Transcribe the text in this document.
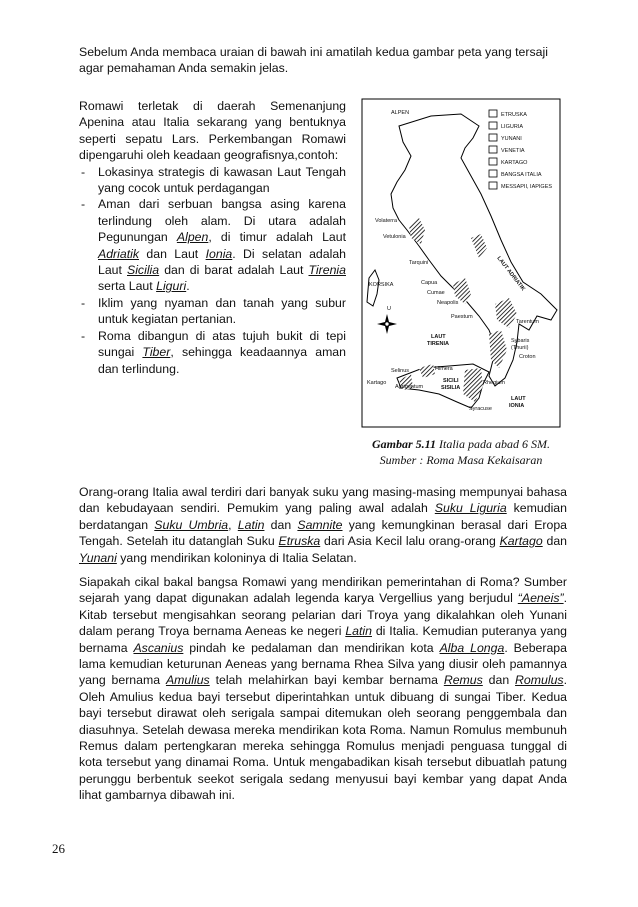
Sebelum Anda membaca uraian di bawah ini amatilah kedua gambar peta yang tersaji agar pemahaman Anda semakin jelas.

Romawi terletak di daerah Semenanjung Apenina atau Italia sekarang yang bentuknya seperti sepatu Lars. Perkembangan Romawi dipengaruhi oleh keadaan geografisnya,contoh:
- Lokasinya strategis di kawasan Laut Tengah yang cocok untuk perdagangan
- Aman dari serbuan bangsa asing karena terlindung oleh alam. Di utara adalah Pegunungan Alpen, di timur adalah Laut Adriatik dan Laut Ionia. Di selatan adalah Laut Sicilia dan di barat adalah Laut Tirenia serta Laut Liguri.
- Iklim yang nyaman dan tanah yang subur untuk kegiatan pertanian.
- Roma dibangun di atas tujuh bukit di tepi sungai Tiber, sehingga keadaannya aman dan terlindung.
ETRUSKA
LIGURIA
YUNANI
VENETIA
KARTAGO
BANGSA ITALIA
MESSAPII, IAPIGES
ALPEN
Volaterra
Vetulonia
Tarquini
KORSIKA
U
Capua
Cumae
Neapolis
Paestum
Tarentum
LAUT
TIRENIA	Sybaris
(Thurii)
Croton
Selinus	Himera
Kartago
Agrigentum
SICILI
SISILIA
Rhegium
Syracuse
LAUT
IONIA
LAUT ADRIATIK
Gambar 5.11 Italia pada abad 6 SM.
Sumber : Roma Masa Kekaisaran

Orang-orang Italia awal terdiri dari banyak suku yang masing-masing mempunyai bahasa dan kebudayaan sendiri. Pemukim yang paling awal adalah Suku Liguria kemudian berdatangan Suku Umbria, Latin dan Samnite yang kemungkinan berasal dari Eropa Tengah. Setelah itu datanglah Suku Etruska dari Asia Kecil lalu orang-orang Kartago dan Yunani yang mendirikan koloninya di Italia Selatan.

Siapakah cikal bakal bangsa Romawi yang mendirikan pemerintahan di Roma? Sumber sejarah yang dapat digunakan adalah legenda karya Vergellius yang berjudul “Aeneis”. Kitab tersebut mengisahkan seorang pelarian dari Troya yang dikalahkan oleh Yunani dalam perang Troya bernama Aeneas ke negeri Latin di Italia. Kemudian puteranya yang bernama Ascanius pindah ke pedalaman dan mendirikan kota Alba Longa. Beberapa lama kemudian keturunan Aeneas yang bernama Rhea Silva yang diusir oleh pamannya yang bernama Amulius telah melahirkan bayi kembar bernama Remus dan Romulus. Oleh Amulius kedua bayi tersebut diperintahkan untuk dibuang di sungai Tiber. Kedua bayi tersebut dirawat oleh serigala sampai ditemukan oleh seorang penggembala dan diasuhnya. Setelah dewasa mereka mendirikan kota Roma. Namun Romulus membunuh Remus dalam pertengkaran mereka sehingga Romulus menjadi penguasa tunggal di kota tersebut yang dinamai Roma. Untuk mengabadikan kisah tersebut dibuatlah patung perunggu berbentuk seekot serigala sedang menyusui bayi kembar yang dapat Anda lihat gambarnya dibawah ini.

26
